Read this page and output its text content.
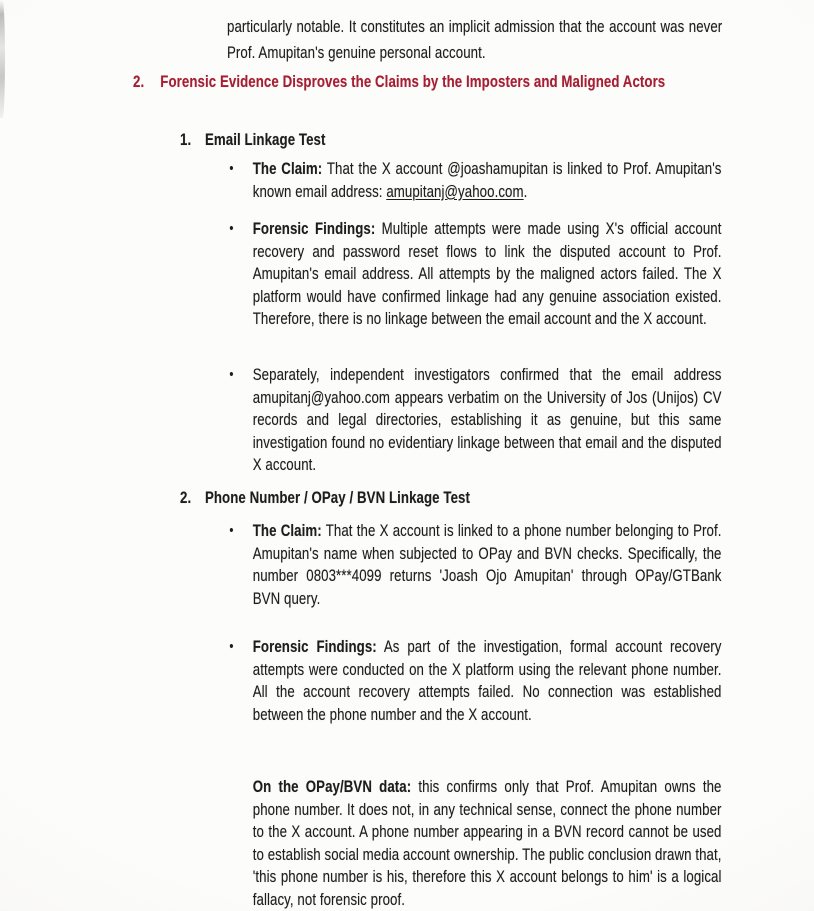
particularly notable. It constitutes an implicit admission that the account was never Prof. Amupitan's genuine personal account.

2. Forensic Evidence Disproves the Claims by the Imposters and Maligned Actors
1. Email Linkage Test
• The Claim: That the X account @joashamupitan is linked to Prof. Amupitan's known email address: amupitanj@yahoo.com.
• Forensic Findings: Multiple attempts were made using X's official account recovery and password reset flows to link the disputed account to Prof. Amupitan's email address. All attempts by the maligned actors failed. The X platform would have confirmed linkage had any genuine association existed. Therefore, there is no linkage between the email account and the X account.
• Separately, independent investigators confirmed that the email address amupitanj@yahoo.com appears verbatim on the University of Jos (Unijos) CV records and legal directories, establishing it as genuine, but this same investigation found no evidentiary linkage between that email and the disputed X account.
2. Phone Number / OPay / BVN Linkage Test
• The Claim: That the X account is linked to a phone number belonging to Prof. Amupitan's name when subjected to OPay and BVN checks. Specifically, the number 0803***4099 returns 'Joash Ojo Amupitan' through OPay/GTBank BVN query.
• Forensic Findings: As part of the investigation, formal account recovery attempts were conducted on the X platform using the relevant phone number. All the account recovery attempts failed. No connection was established between the phone number and the X account.
On the OPay/BVN data: this confirms only that Prof. Amupitan owns the phone number. It does not, in any technical sense, connect the phone number to the X account. A phone number appearing in a BVN record cannot be used to establish social media account ownership. The public conclusion drawn that, 'this phone number is his, therefore this X account belongs to him' is a logical fallacy, not forensic proof.
